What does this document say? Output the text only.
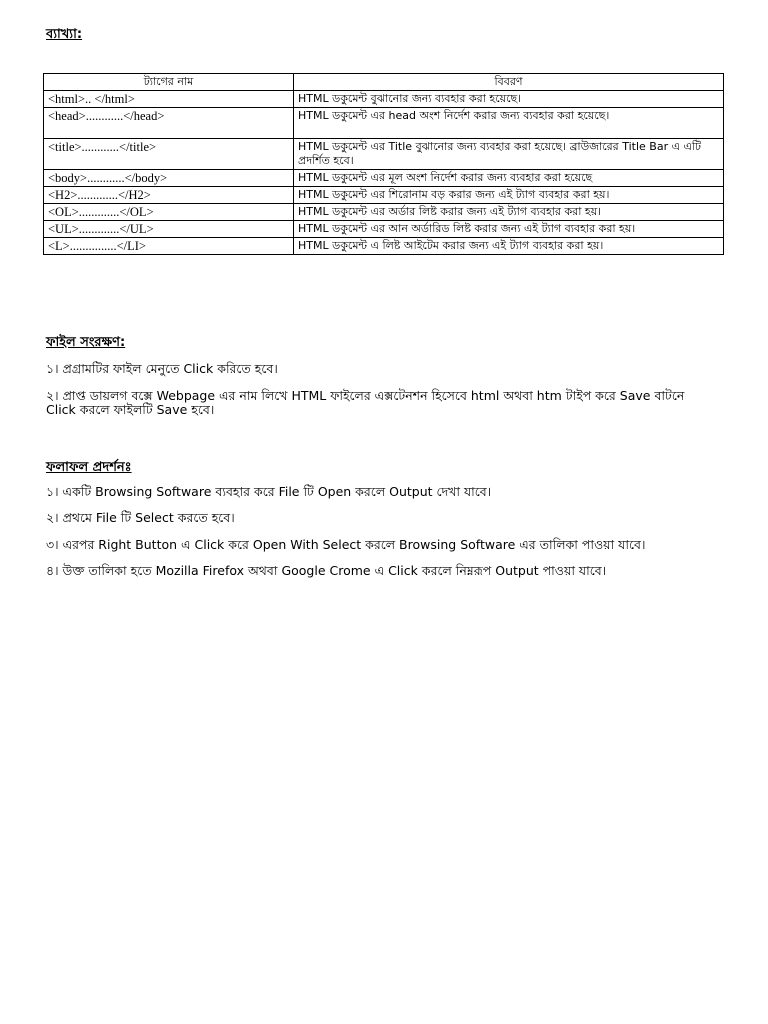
ব্যাখ্যা:
ট্যাগের নাম	বিবরণ
<html>.. </html>	HTML ডকুমেন্ট বুঝানোর জন্য ব্যবহার করা হয়েছে।
<head>............</head>	HTML ডকুমেন্ট এর head অংশ নির্দেশ করার জন্য ব্যবহার করা হয়েছে।
<title>............</title>	HTML ডকুমেন্ট এর Title বুঝানোর জন্য ব্যবহার করা হয়েছে। ব্রাউজারের Title Bar এ এটি প্রদর্শিত হবে।
<body>............</body>	HTML ডকুমেন্ট এর মূল অংশ নির্দেশ করার জন্য ব্যবহার করা হয়েছে
<H2>.............</H2>	HTML ডকুমেন্ট এর শিরোনাম বড় করার জন্য এই ট্যাগ ব্যবহার করা হয়।
<OL>.............</OL>	HTML ডকুমেন্ট এর অর্ডার লিষ্ট করার জন্য এই ট্যাগ ব্যবহার করা হয়।
<UL>.............</UL>	HTML ডকুমেন্ট এর আন অর্ডারিড লিষ্ট করার জন্য এই ট্যাগ ব্যবহার করা হয়।
<L>...............</LI>	HTML ডকুমেন্ট এ লিষ্ট আইটেম করার জন্য এই ট্যাগ ব্যবহার করা হয়।
ফাইল সংরক্ষণ:
১। প্রগ্রামটির ফাইল মেনুতে Click করিতে হবে।
২। প্রাপ্ত ডায়লগ বক্সে Webpage এর নাম লিখে HTML ফাইলের এক্সটেনশন হিসেবে html অথবা htm টাইপ করে Save বাটনে Click করলে ফাইলটি Save হবে।
ফলাফল প্রদর্শনঃ
১। একটি Browsing Software ব্যবহার করে File টি Open করলে Output দেখা যাবে।
২। প্রথমে File টি Select করতে হবে।
৩। এরপর Right Button এ Click করে Open With Select করলে Browsing Software এর তালিকা পাওয়া যাবে।
৪। উক্ত তালিকা হতে Mozilla Firefox অথবা Google Crome এ Click করলে নিম্নরূপ Output পাওয়া যাবে।
